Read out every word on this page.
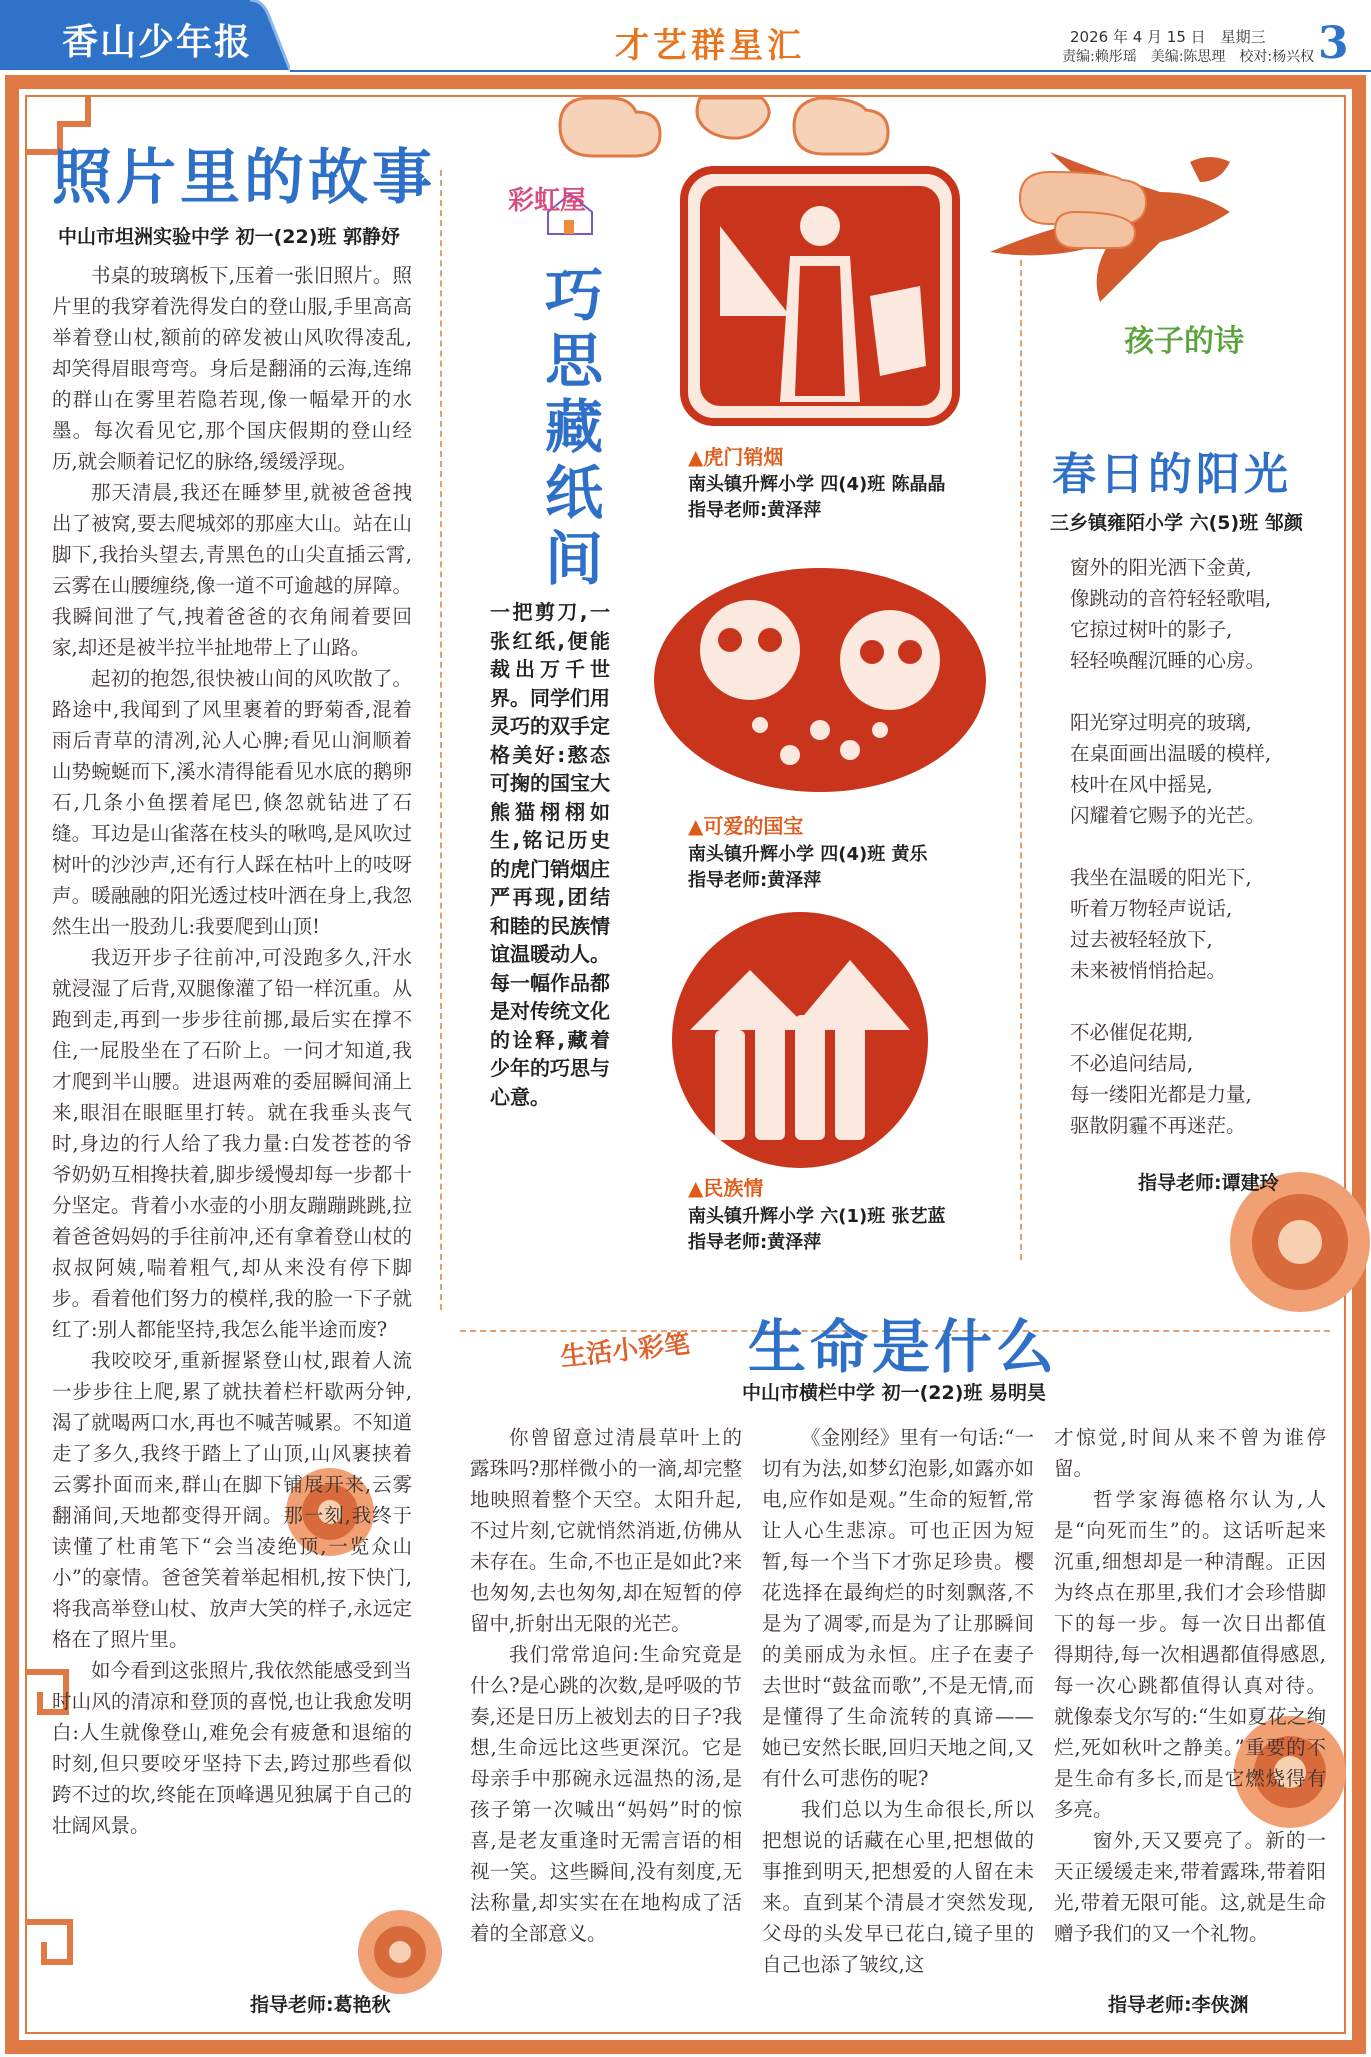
香山少年报	才艺群星汇	2026 年 4 月 15 日　星期三
责编:赖彤瑶　美编:陈思理　校对:杨兴权 3
照片里的故事
中山市坦洲实验中学 初一(22)班 郭静妤

书桌的玻璃板下,压着一张旧照片。照片里的我穿着洗得发白的登山服,手里高高举着登山杖,额前的碎发被山风吹得凌乱,却笑得眉眼弯弯。身后是翻涌的云海,连绵的群山在雾里若隐若现,像一幅晕开的水墨。每次看见它,那个国庆假期的登山经历,就会顺着记忆的脉络,缓缓浮现。

那天清晨,我还在睡梦里,就被爸爸拽出了被窝,要去爬城郊的那座大山。站在山脚下,我抬头望去,青黑色的山尖直插云霄,云雾在山腰缠绕,像一道不可逾越的屏障。我瞬间泄了气,拽着爸爸的衣角闹着要回家,却还是被半拉半扯地带上了山路。

起初的抱怨,很快被山间的风吹散了。路途中,我闻到了风里裹着的野菊香,混着雨后青草的清冽,沁人心脾;看见山涧顺着山势蜿蜒而下,溪水清得能看见水底的鹅卵石,几条小鱼摆着尾巴,倏忽就钻进了石缝。耳边是山雀落在枝头的啾鸣,是风吹过树叶的沙沙声,还有行人踩在枯叶上的吱呀声。暖融融的阳光透过枝叶洒在身上,我忽然生出一股劲儿:我要爬到山顶!

我迈开步子往前冲,可没跑多久,汗水就浸湿了后背,双腿像灌了铅一样沉重。从跑到走,再到一步步往前挪,最后实在撑不住,一屁股坐在了石阶上。一问才知道,我才爬到半山腰。进退两难的委屈瞬间涌上来,眼泪在眼眶里打转。就在我垂头丧气时,身边的行人给了我力量:白发苍苍的爷爷奶奶互相搀扶着,脚步缓慢却每一步都十分坚定。背着小水壶的小朋友蹦蹦跳跳,拉着爸爸妈妈的手往前冲,还有拿着登山杖的叔叔阿姨,喘着粗气,却从来没有停下脚步。看着他们努力的模样,我的脸一下子就红了:别人都能坚持,我怎么能半途而废?

我咬咬牙,重新握紧登山杖,跟着人流一步步往上爬,累了就扶着栏杆歇两分钟,渴了就喝两口水,再也不喊苦喊累。不知道走了多久,我终于踏上了山顶,山风裹挟着云雾扑面而来,群山在脚下铺展开来,云雾翻涌间,天地都变得开阔。那一刻,我终于读懂了杜甫笔下“会当凌绝顶,一览众山小”的豪情。爸爸笑着举起相机,按下快门,将我高举登山杖、放声大笑的样子,永远定格在了照片里。

如今看到这张照片,我依然能感受到当时山风的清凉和登顶的喜悦,也让我愈发明白:人生就像登山,难免会有疲惫和退缩的时刻,但只要咬牙坚持下去,跨过那些看似跨不过的坎,终能在顶峰遇见独属于自己的壮阔风景。

指导老师:葛艳秋
彩虹屋
巧思藏纸间
一把剪刀,一张红纸,便能裁出万千世界。同学们用灵巧的双手定格美好:憨态可掬的国宝大熊猫栩栩如生,铭记历史的虎门销烟庄严再现,团结和睦的民族情谊温暖动人。每一幅作品都是对传统文化的诠释,藏着少年的巧思与心意。
▲虎门销烟
南头镇升辉小学 四(4)班 陈晶晶
指导老师:黄泽萍
▲可爱的国宝
南头镇升辉小学 四(4)班 黄乐
指导老师:黄泽萍
▲民族情
南头镇升辉小学 六(1)班 张艺蓝
指导老师:黄泽萍
孩子的诗
春日的阳光
三乡镇雍陌小学 六(5)班 邹颜
窗外的阳光洒下金黄,
像跳动的音符轻轻歌唱,
它掠过树叶的影子,
轻轻唤醒沉睡的心房。
阳光穿过明亮的玻璃,
在桌面画出温暖的模样,
枝叶在风中摇晃,
闪耀着它赐予的光芒。
我坐在温暖的阳光下,
听着万物轻声说话,
过去被轻轻放下,
未来被悄悄拾起。
不必催促花期,
不必追问结局,
每一缕阳光都是力量,
驱散阴霾不再迷茫。
指导老师:谭建玲
生活小彩笔 生命是什么
中山市横栏中学 初一(22)班 易明昊

你曾留意过清晨草叶上的露珠吗?那样微小的一滴,却完整地映照着整个天空。太阳升起,不过片刻,它就悄然消逝,仿佛从未存在。生命,不也正是如此?来也匆匆,去也匆匆,却在短暂的停留中,折射出无限的光芒。

我们常常追问:生命究竟是什么?是心跳的次数,是呼吸的节奏,还是日历上被划去的日子?我想,生命远比这些更深沉。它是母亲手中那碗永远温热的汤,是孩子第一次喊出“妈妈”时的惊喜,是老友重逢时无需言语的相视一笑。这些瞬间,没有刻度,无法称量,却实实在在地构成了活着的全部意义。

《金刚经》里有一句话:“一切有为法,如梦幻泡影,如露亦如电,应作如是观。”生命的短暂,常让人心生悲凉。可也正因为短暂,每一个当下才弥足珍贵。樱花选择在最绚烂的时刻飘落,不是为了凋零,而是为了让那瞬间的美丽成为永恒。庄子在妻子去世时“鼓盆而歌”,不是无情,而是懂得了生命流转的真谛——她已安然长眠,回归天地之间,又有什么可悲伤的呢?

我们总以为生命很长,所以把想说的话藏在心里,把想做的事推到明天,把想爱的人留在未来。直到某个清晨才突然发现,父母的头发早已花白,镜子里的自己也添了皱纹,这

才惊觉,时间从来不曾为谁停留。

哲学家海德格尔认为,人是“向死而生”的。这话听起来沉重,细想却是一种清醒。正因为终点在那里,我们才会珍惜脚下的每一步。每一次日出都值得期待,每一次相遇都值得感恩,每一次心跳都值得认真对待。就像泰戈尔写的:“生如夏花之绚烂,死如秋叶之静美。”重要的不是生命有多长,而是它燃烧得有多亮。

窗外,天又要亮了。新的一天正缓缓走来,带着露珠,带着阳光,带着无限可能。这,就是生命赠予我们的又一个礼物。

指导老师:李侠渊
